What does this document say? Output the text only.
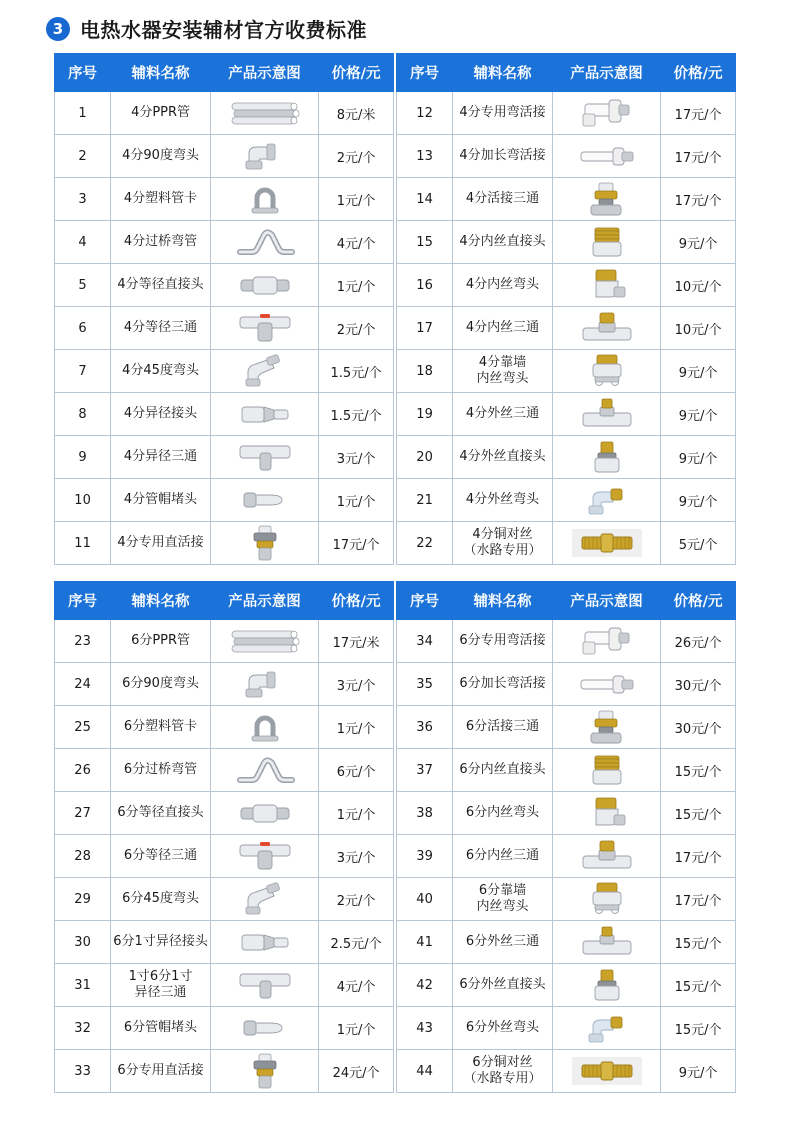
3 电热水器安装辅材官方收费标准
序号	辅料名称	产品示意图	价格/元
1	4分PPR管		8元/米
2	4分90度弯头		2元/个
3	4分塑料管卡		1元/个
4	4分过桥弯管		4元/个
5	4分等径直接头		1元/个
6	4分等径三通		2元/个
7	4分45度弯头		1.5元/个
8	4分异径接头		1.5元/个
9	4分异径三通		3元/个
10	4分管帽堵头		1元/个
11	4分专用直活接		17元/个
序号	辅料名称	产品示意图	价格/元
12	4分专用弯活接		17元/个
13	4分加长弯活接		17元/个
14	4分活接三通		17元/个
15	4分内丝直接头		9元/个
16	4分内丝弯头		10元/个
17	4分内丝三通		10元/个
18	4分靠墙
内丝弯头		9元/个
19	4分外丝三通		9元/个
20	4分外丝直接头		9元/个
21	4分外丝弯头		9元/个
22	4分铜对丝
（水路专用）		5元/个
序号	辅料名称	产品示意图	价格/元
23	6分PPR管		17元/米
24	6分90度弯头		3元/个
25	6分塑料管卡		1元/个
26	6分过桥弯管		6元/个
27	6分等径直接头		1元/个
28	6分等径三通		3元/个
29	6分45度弯头		2元/个
30	6分1寸异径接头		2.5元/个
31	1寸6分1寸
异径三通		4元/个
32	6分管帽堵头		1元/个
33	6分专用直活接		24元/个
序号	辅料名称	产品示意图	价格/元
34	6分专用弯活接		26元/个
35	6分加长弯活接		30元/个
36	6分活接三通		30元/个
37	6分内丝直接头		15元/个
38	6分内丝弯头		15元/个
39	6分内丝三通		17元/个
40	6分靠墙
内丝弯头		17元/个
41	6分外丝三通		15元/个
42	6分外丝直接头		15元/个
43	6分外丝弯头		15元/个
44	6分铜对丝
（水路专用）		9元/个
